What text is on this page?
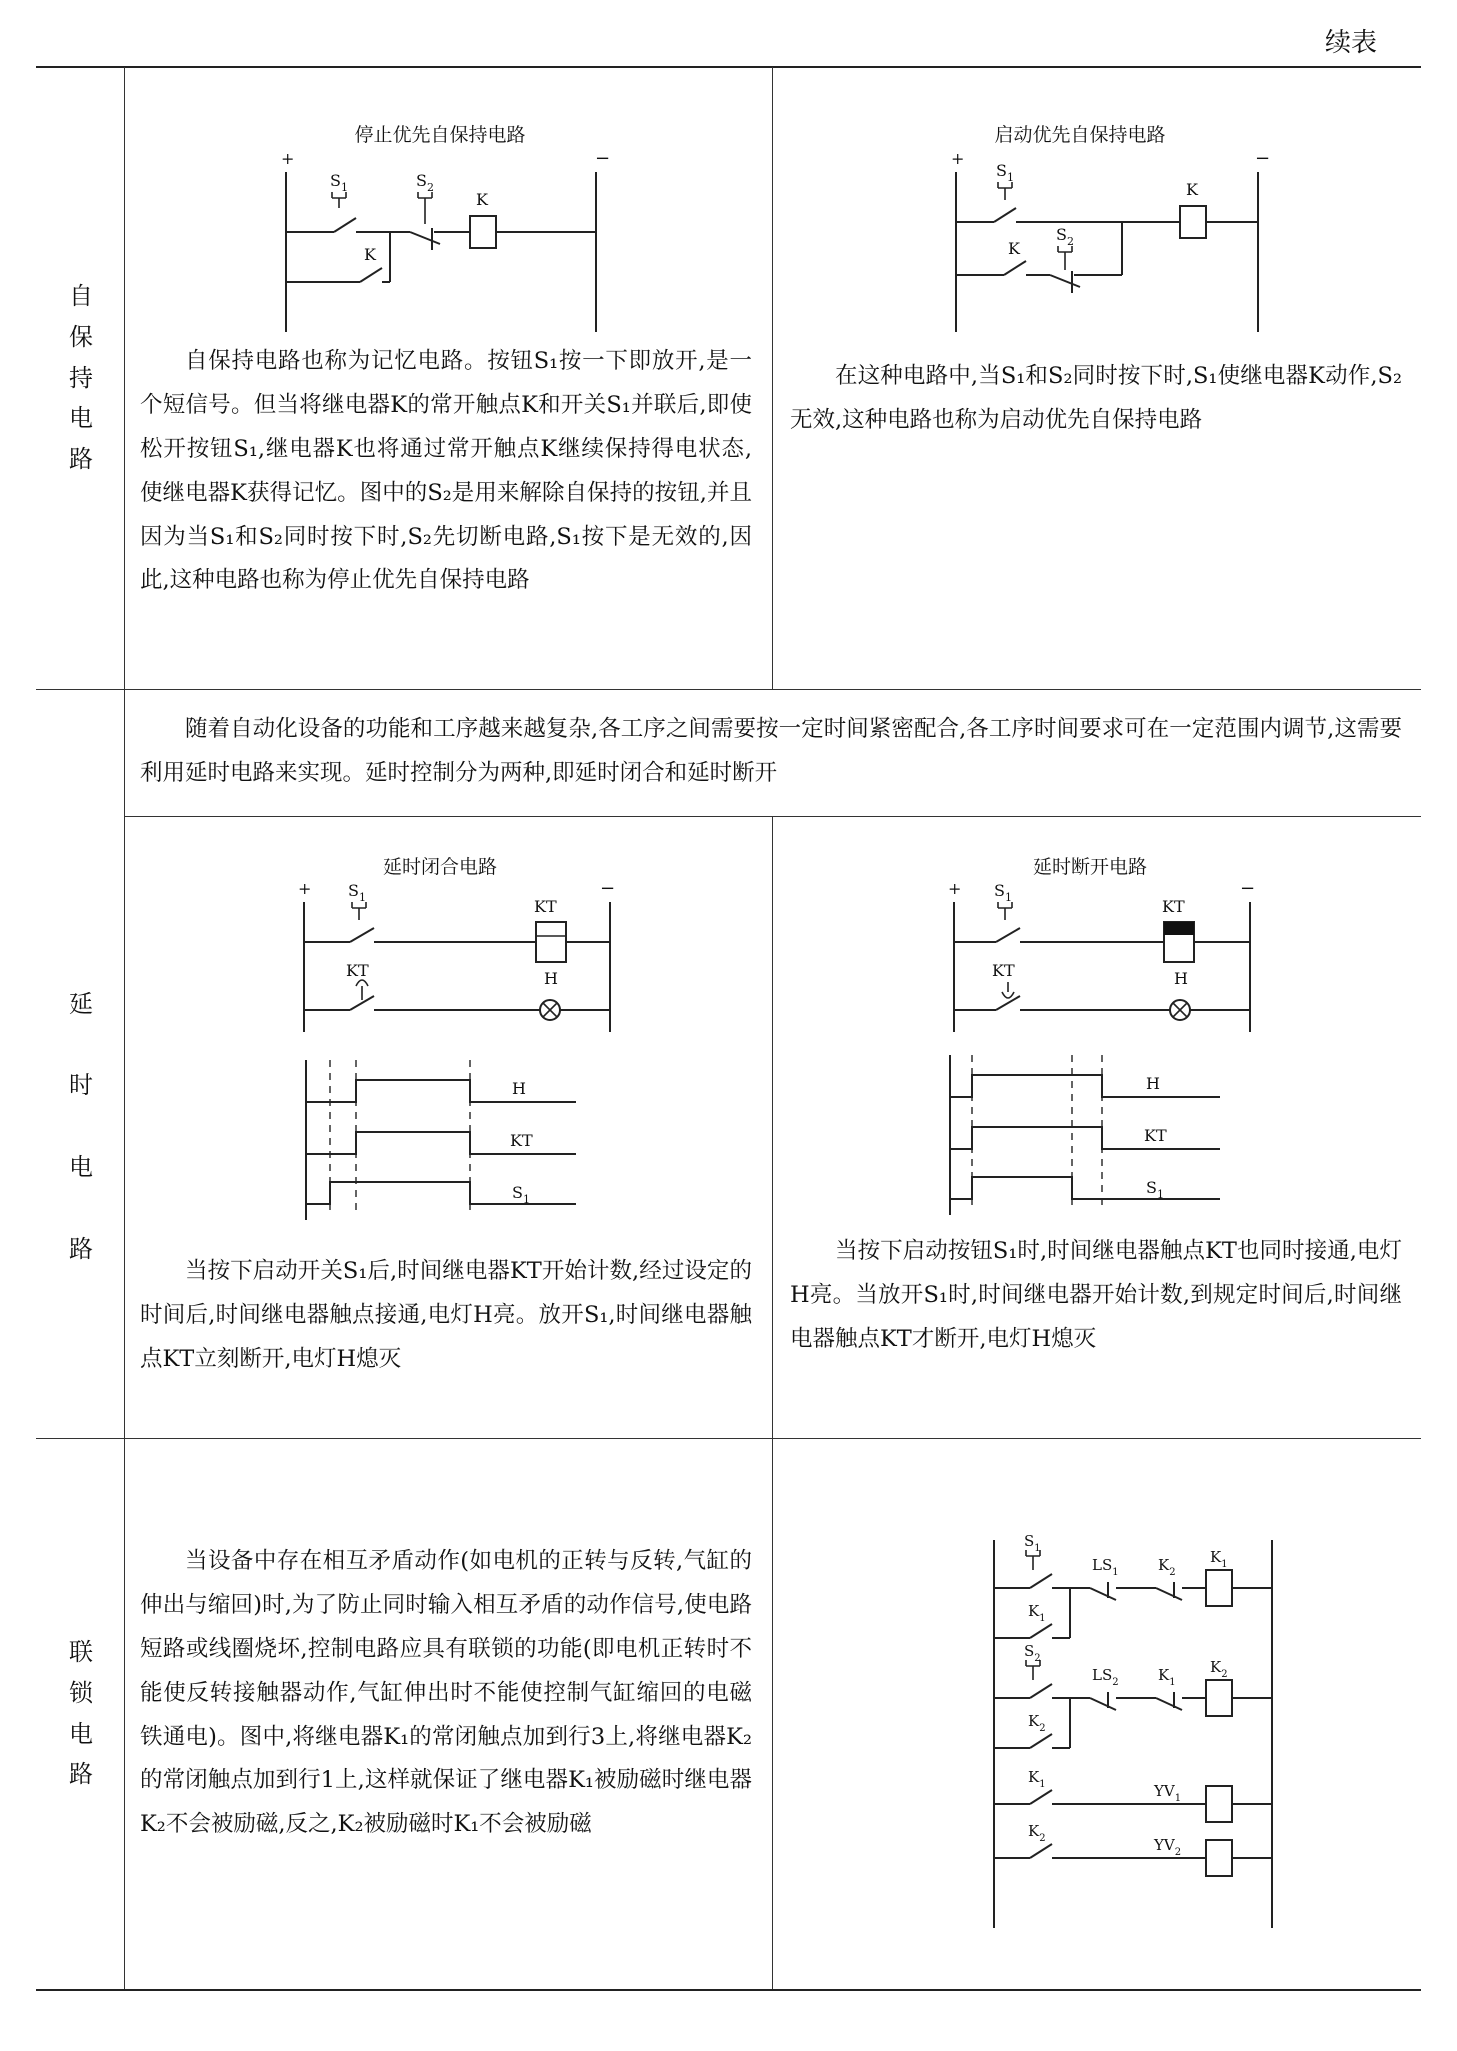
续表
自
保
持
电
路
延
时
电
路
联
锁
电
路
停止优先自保持电路
+	−
$S_1$	$S_2$
K
K

自保持电路也称为记忆电路。按钮S₁按一下即放开,是一个短信号。但当将继电器K的常开触点K和开关S₁并联后,即使松开按钮S₁,继电器K也将通过常开触点K继续保持得电状态,使继电器K获得记忆。图中的S₂是用来解除自保持的按钮,并且因为当S₁和S₂同时按下时,S₂先切断电路,S₁按下是无效的,因此,这种电路也称为停止优先自保持电路

启动优先自保持电路
+	−
$S_1$
K
K
$S_2$

在这种电路中,当S₁和S₂同时按下时,S₁使继电器K动作,S₂无效,这种电路也称为启动优先自保持电路

随着自动化设备的功能和工序越来越复杂,各工序之间需要按一定时间紧密配合,各工序时间要求可在一定范围内调节,这需要利用延时电路来实现。延时控制分为两种,即延时闭合和延时断开

延时闭合电路
+	−
$S_1$	KT
KT	H
H
KT
$S_1$

当按下启动开关S₁后,时间继电器KT开始计数,经过设定的时间后,时间继电器触点接通,电灯H亮。放开S₁,时间继电器触点KT立刻断开,电灯H熄灭

延时断开电路
+	−
$S_1$	KT
KT	H
H
KT
$S_1$

当按下启动按钮S₁时,时间继电器触点KT也同时接通,电灯H亮。当放开S₁时,时间继电器开始计数,到规定时间后,时间继电器触点KT才断开,电灯H熄灭

当设备中存在相互矛盾动作(如电机的正转与反转,气缸的伸出与缩回)时,为了防止同时输入相互矛盾的动作信号,使电路短路或线圈烧坏,控制电路应具有联锁的功能(即电机正转时不能使反转接触器动作,气缸伸出时不能使控制气缸缩回的电磁铁通电)。图中,将继电器K₁的常闭触点加到行3上,将继电器K₂的常闭触点加到行1上,这样就保证了继电器K₁被励磁时继电器K₂不会被励磁,反之,K₂被励磁时K₁不会被励磁

$S_1$
$LS_1$	$K_2$
$K_1$
$K_1$
$S_2$
$LS_2$	$K_1$
$K_2$
$K_2$
$K_1$	$YV_1$
$K_2$	$YV_2$
